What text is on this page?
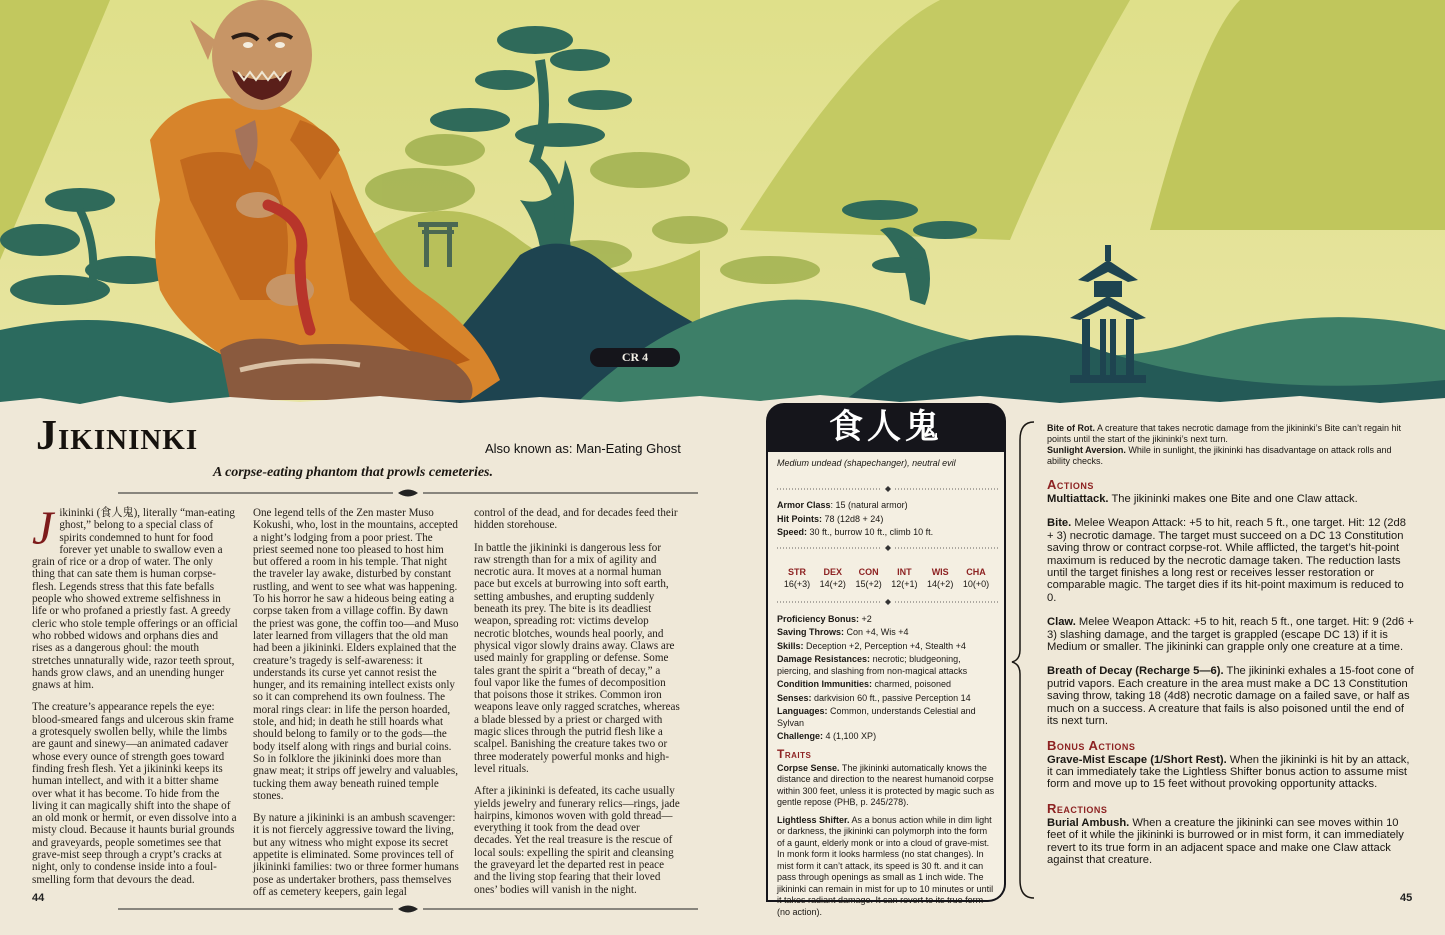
CR 4
Jikininki	Also known as: Man-Eating Ghost
A corpse-eating phantom that prowls cemeteries.

Jikininki (食人鬼), literally “man-eating ghost,” belong to a special class of spirits condemned to hunt for food forever yet unable to swallow even a grain of rice or a drop of water. The only thing that can sate them is human corpse-flesh. Legends stress that this fate befalls people who showed extreme selfishness in life or who profaned a priestly fast. A greedy cleric who stole temple offerings or an official who robbed widows and orphans dies and rises as a dangerous ghoul: the mouth stretches unnaturally wide, razor teeth sprout, hands grow claws, and an unending hunger gnaws at him.

The creature’s appearance repels the eye: blood-smeared fangs and ulcerous skin frame a grotesquely swollen belly, while the limbs are gaunt and sinewy—an animated cadaver whose every ounce of strength goes toward finding fresh flesh. Yet a jikininki keeps its human intellect, and with it a bitter shame over what it has become. To hide from the living it can magically shift into the shape of an old monk or hermit, or even dissolve into a misty cloud. Because it haunts burial grounds and graveyards, people sometimes see that grave-mist seep through a crypt’s cracks at night, only to condense inside into a foul-smelling form that devours the dead.

One legend tells of the Zen master Muso Kokushi, who, lost in the mountains, accepted a night’s lodging from a poor priest. The priest seemed none too pleased to host him but offered a room in his temple. That night the traveler lay awake, disturbed by constant rustling, and went to see what was happening. To his horror he saw a hideous being eating a corpse taken from a village coffin. By dawn the priest was gone, the coffin too—and Muso later learned from villagers that the old man had been a jikininki. Elders explained that the creature’s tragedy is self-awareness: it understands its curse yet cannot resist the hunger, and its remaining intellect exists only so it can comprehend its own foulness. The moral rings clear: in life the person hoarded, stole, and hid; in death he still hoards what should belong to family or to the gods—the body itself along with rings and burial coins. So in folklore the jikininki does more than gnaw meat; it strips off jewelry and valuables, tucking them away beneath ruined temple stones.

By nature a jikininki is an ambush scavenger: it is not fiercely aggressive toward the living, but any witness who might expose its secret appetite is eliminated. Some provinces tell of jikininki families: two or three former humans pose as undertaker brothers, pass themselves off as cemetery keepers, gain legal

control of the dead, and for decades feed their hidden storehouse.

In battle the jikininki is dangerous less for raw strength than for a mix of agility and necrotic aura. It moves at a normal human pace but excels at burrowing into soft earth, setting ambushes, and erupting suddenly beneath its prey. The bite is its deadliest weapon, spreading rot: victims develop necrotic blotches, wounds heal poorly, and physical vigor slowly drains away. Claws are used mainly for grappling or defense. Some tales grant the spirit a “breath of decay,” a foul vapor like the fumes of decomposition that poisons those it strikes. Common iron weapons leave only ragged scratches, whereas a blade blessed by a priest or charged with magic slices through the putrid flesh like a scalpel. Banishing the creature takes two or three moderately powerful monks and high-level rituals.

After a jikininki is defeated, its cache usually yields jewelry and funerary relics—rings, jade hairpins, kimonos woven with gold thread—everything it took from the dead over decades. Yet the real treasure is the rescue of local souls: expelling the spirit and cleansing the graveyard let the departed rest in peace and the living stop fearing that their loved ones’ bodies will vanish in the night.

44	45
食人鬼
Medium undead (shapechanger), neutral evil

Armor Class: 15 (natural armor)

Hit Points: 78 (12d8 + 24)

Speed: 30 ft., burrow 10 ft., climb 10 ft.

STR
16(+3)
DEX
14(+2)
CON
15(+2)
INT
12(+1)
WIS
14(+2)
CHA
10(+0)

Proficiency Bonus: +2

Saving Throws: Con +4, Wis +4

Skills: Deception +2, Perception +4, Stealth +4

Damage Resistances: necrotic; bludgeoning, piercing, and slashing from non-magical attacks

Condition Immunities: charmed, poisoned

Senses: darkvision 60 ft., passive Perception 14

Languages: Common, understands Celestial and Sylvan

Challenge: 4 (1,100 XP)

Traits

Corpse Sense. The jikininki automatically knows the distance and direction to the nearest humanoid corpse within 300 feet, unless it is protected by magic such as gentle repose (PHB, p. 245/278).

Lightless Shifter. As a bonus action while in dim light or darkness, the jikininki can polymorph into the form of a gaunt, elderly monk or into a cloud of grave-mist. In monk form it looks harmless (no stat changes). In mist form it can’t attack, its speed is 30 ft. and it can pass through openings as small as 1 inch wide. The jikininki can remain in mist for up to 10 minutes or until it takes radiant damage. It can revert to its true form (no action).

Bite of Rot. A creature that takes necrotic damage from the jikininki’s Bite can’t regain hit points until the start of the jikininki’s next turn.

Sunlight Aversion. While in sunlight, the jikininki has disadvantage on attack rolls and ability checks.

Actions

Multiattack. The jikininki makes one Bite and one Claw attack.

Bite. Melee Weapon Attack: +5 to hit, reach 5 ft., one target. Hit: 12 (2d8 + 3) necrotic damage. The target must succeed on a DC 13 Constitution saving throw or contract corpse-rot. While afflicted, the target’s hit-point maximum is reduced by the necrotic damage taken. The reduction lasts until the target finishes a long rest or receives lesser restoration or comparable magic. The target dies if its hit-point maximum is reduced to 0.

Claw. Melee Weapon Attack: +5 to hit, reach 5 ft., one target. Hit: 9 (2d6 + 3) slashing damage, and the target is grappled (escape DC 13) if it is Medium or smaller. The jikininki can grapple only one creature at a time.

Breath of Decay (Recharge 5—6). The jikininki exhales a 15-foot cone of putrid vapors. Each creature in the area must make a DC 13 Constitution saving throw, taking 18 (4d8) necrotic damage on a failed save, or half as much on a success. A creature that fails is also poisoned until the end of its next turn.

Bonus Actions

Grave-Mist Escape (1/Short Rest). When the jikininki is hit by an attack, it can immediately take the Lightless Shifter bonus action to assume mist form and move up to 15 feet without provoking opportunity attacks.

Reactions

Burial Ambush. When a creature the jikininki can see moves within 10 feet of it while the jikininki is burrowed or in mist form, it can immediately revert to its true form in an adjacent space and make one Claw attack against that creature.
